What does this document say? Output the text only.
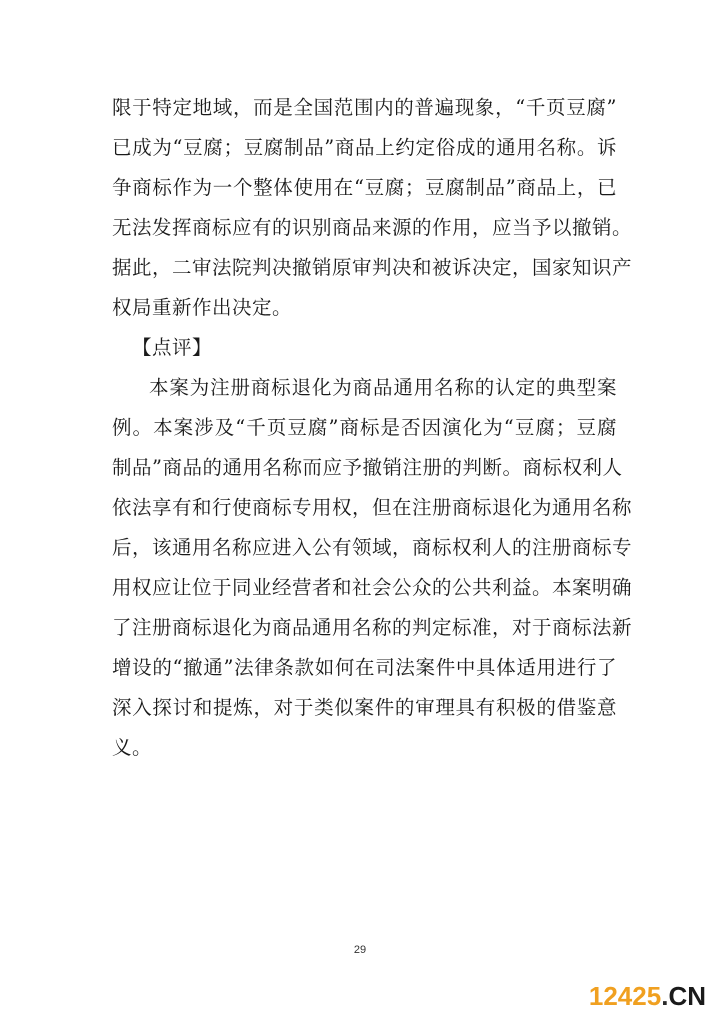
限于特定地域，而是全国范围内的普遍现象，“千页豆腐”
已成为“豆腐；豆腐制品”商品上约定俗成的通用名称。诉
争商标作为一个整体使用在“豆腐；豆腐制品”商品上，已
无法发挥商标应有的识别商品来源的作用，应当予以撤销。
据此，二审法院判决撤销原审判决和被诉决定，国家知识产
权局重新作出决定。
【点评】
本案为注册商标退化为商品通用名称的认定的典型案
例。本案涉及“千页豆腐”商标是否因演化为“豆腐；豆腐
制品”商品的通用名称而应予撤销注册的判断。商标权利人
依法享有和行使商标专用权，但在注册商标退化为通用名称
后，该通用名称应进入公有领域，商标权利人的注册商标专
用权应让位于同业经营者和社会公众的公共利益。本案明确
了注册商标退化为商品通用名称的判定标准，对于商标法新
增设的“撤通”法律条款如何在司法案件中具体适用进行了
深入探讨和提炼，对于类似案件的审理具有积极的借鉴意
义。
29
12425.CN
